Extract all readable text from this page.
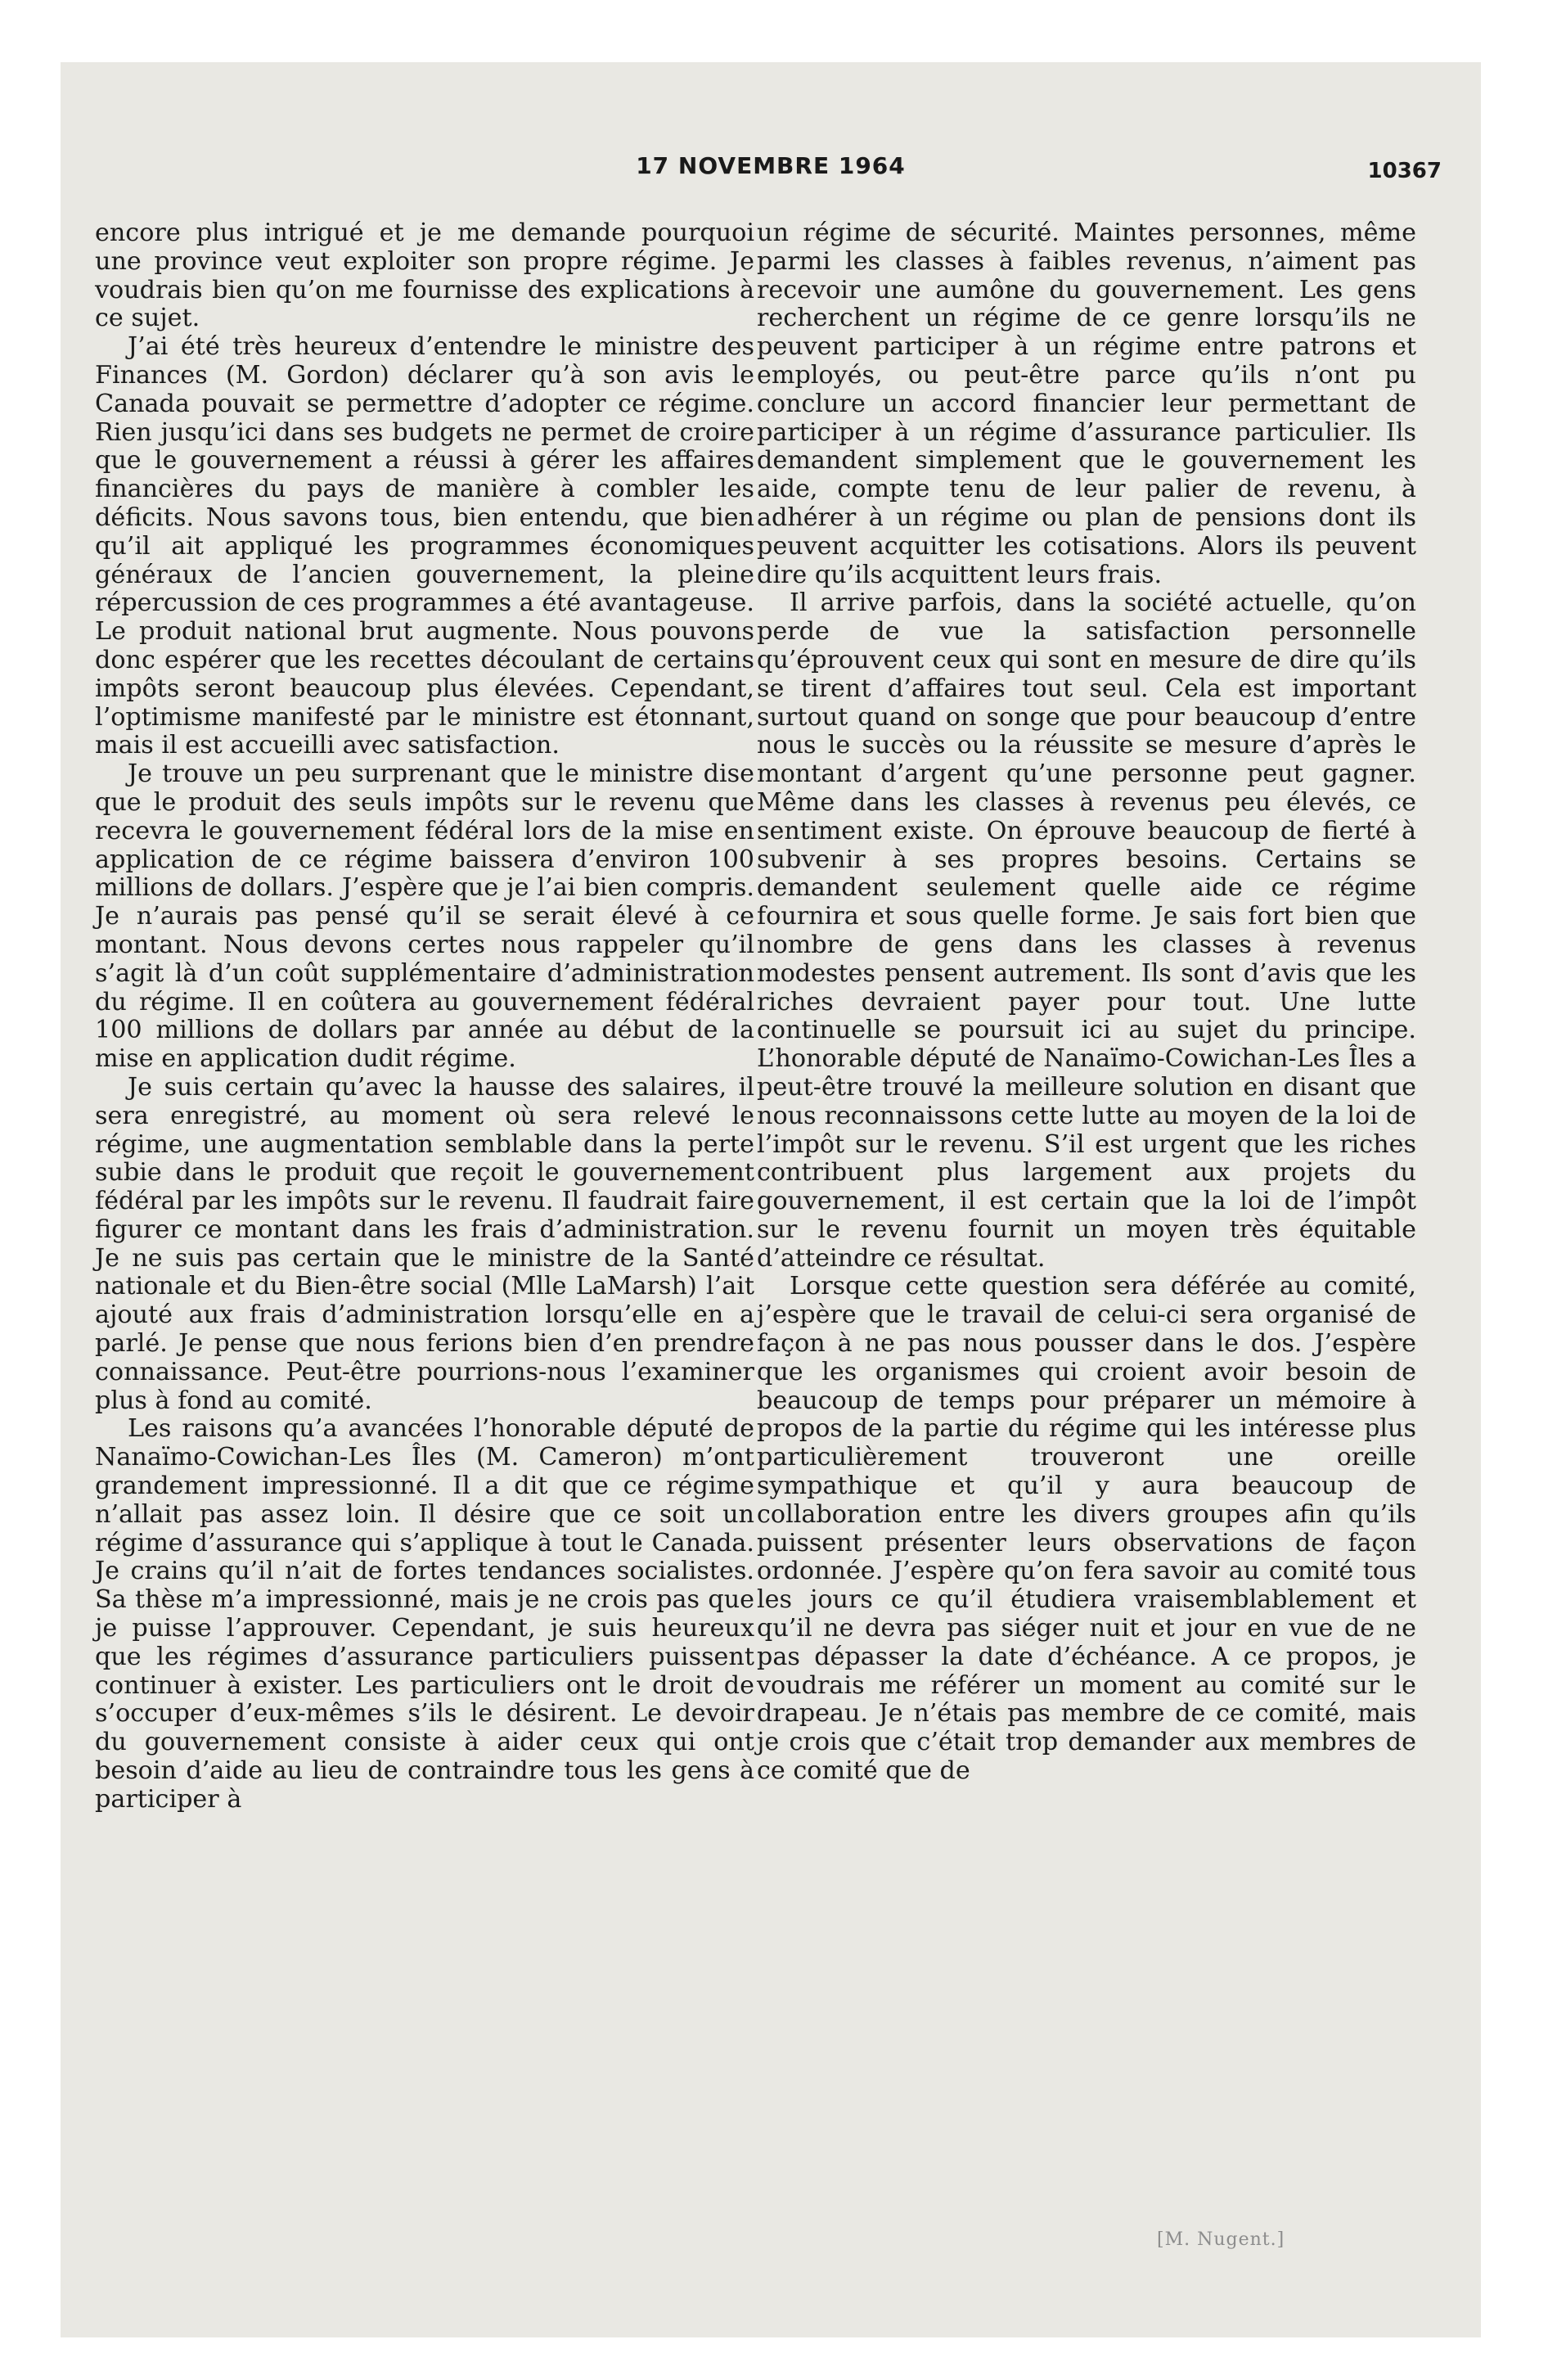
17 NOVEMBRE 1964	10367

encore plus intrigué et je me demande pourquoi une province veut exploiter son propre régime. Je voudrais bien qu’on me fournisse des explications à ce sujet.

J’ai été très heureux d’entendre le ministre des Finances (M. Gordon) déclarer qu’à son avis le Canada pouvait se permettre d’adopter ce régime. Rien jusqu’ici dans ses budgets ne permet de croire que le gouvernement a réussi à gérer les affaires financières du pays de manière à combler les déficits. Nous savons tous, bien entendu, que bien qu’il ait appliqué les programmes économiques généraux de l’ancien gouvernement, la pleine répercussion de ces programmes a été avantageuse. Le produit national brut augmente. Nous pouvons donc espérer que les recettes découlant de certains impôts seront beaucoup plus élevées. Cependant, l’optimisme manifesté par le ministre est étonnant, mais il est accueilli avec satisfaction.

Je trouve un peu surprenant que le ministre dise que le produit des seuls impôts sur le revenu que recevra le gouvernement fédéral lors de la mise en application de ce régime baissera d’environ 100 millions de dollars. J’espère que je l’ai bien compris. Je n’aurais pas pensé qu’il se serait élevé à ce montant. Nous devons certes nous rappeler qu’il s’agit là d’un coût supplémentaire d’administration du régime. Il en coûtera au gouvernement fédéral 100 millions de dollars par année au début de la mise en application dudit régime.

Je suis certain qu’avec la hausse des salaires, il sera enregistré, au moment où sera relevé le régime, une augmentation semblable dans la perte subie dans le produit que reçoit le gouvernement fédéral par les impôts sur le revenu. Il faudrait faire figurer ce montant dans les frais d’administration. Je ne suis pas certain que le ministre de la Santé nationale et du Bien-être social (Mlle LaMarsh) l’ait ajouté aux frais d’administration lorsqu’elle en a parlé. Je pense que nous ferions bien d’en prendre connaissance. Peut-être pourrions-nous l’examiner plus à fond au comité.

Les raisons qu’a avancées l’honorable député de Nanaïmo-Cowichan-Les Îles (M. Cameron) m’ont grandement impressionné. Il a dit que ce régime n’allait pas assez loin. Il désire que ce soit un régime d’assurance qui s’applique à tout le Canada. Je crains qu’il n’ait de fortes tendances socialistes. Sa thèse m’a impressionné, mais je ne crois pas que je puisse l’approuver. Cependant, je suis heureux que les régimes d’assurance particuliers puissent continuer à exister. Les particuliers ont le droit de s’occuper d’eux-mêmes s’ils le désirent. Le devoir du gouvernement consiste à aider ceux qui ont besoin d’aide au lieu de contraindre tous les gens à participer à

un régime de sécurité. Maintes personnes, même parmi les classes à faibles revenus, n’aiment pas recevoir une aumône du gouvernement. Les gens recherchent un régime de ce genre lorsqu’ils ne peuvent participer à un régime entre patrons et employés, ou peut-être parce qu’ils n’ont pu conclure un accord financier leur permettant de participer à un régime d’assurance particulier. Ils demandent simplement que le gouvernement les aide, compte tenu de leur palier de revenu, à adhérer à un régime ou plan de pensions dont ils peuvent acquitter les cotisations. Alors ils peuvent dire qu’ils acquittent leurs frais.

Il arrive parfois, dans la société actuelle, qu’on perde de vue la satisfaction personnelle qu’éprouvent ceux qui sont en mesure de dire qu’ils se tirent d’affaires tout seul. Cela est important surtout quand on songe que pour beaucoup d’entre nous le succès ou la réussite se mesure d’après le montant d’argent qu’une personne peut gagner. Même dans les classes à revenus peu élevés, ce sentiment existe. On éprouve beaucoup de fierté à subvenir à ses propres besoins. Certains se demandent seulement quelle aide ce régime fournira et sous quelle forme. Je sais fort bien que nombre de gens dans les classes à revenus modestes pensent autrement. Ils sont d’avis que les riches devraient payer pour tout. Une lutte continuelle se poursuit ici au sujet du principe. L’honorable député de Nanaïmo-Cowichan-Les Îles a peut-être trouvé la meilleure solution en disant que nous reconnaissons cette lutte au moyen de la loi de l’impôt sur le revenu. S’il est urgent que les riches contribuent plus largement aux projets du gouvernement, il est certain que la loi de l’impôt sur le revenu fournit un moyen très équitable d’atteindre ce résultat.

Lorsque cette question sera déférée au comité, j’espère que le travail de celui-ci sera organisé de façon à ne pas nous pousser dans le dos. J’espère que les organismes qui croient avoir besoin de beaucoup de temps pour préparer un mémoire à propos de la partie du régime qui les intéresse plus particulièrement trouveront une oreille sympathique et qu’il y aura beaucoup de collaboration entre les divers groupes afin qu’ils puissent présenter leurs observations de façon ordonnée. J’espère qu’on fera savoir au comité tous les jours ce qu’il étudiera vraisemblablement et qu’il ne devra pas siéger nuit et jour en vue de ne pas dépasser la date d’échéance. A ce propos, je voudrais me référer un moment au comité sur le drapeau. Je n’étais pas membre de ce comité, mais je crois que c’était trop demander aux membres de ce comité que de

[M. Nugent.]
